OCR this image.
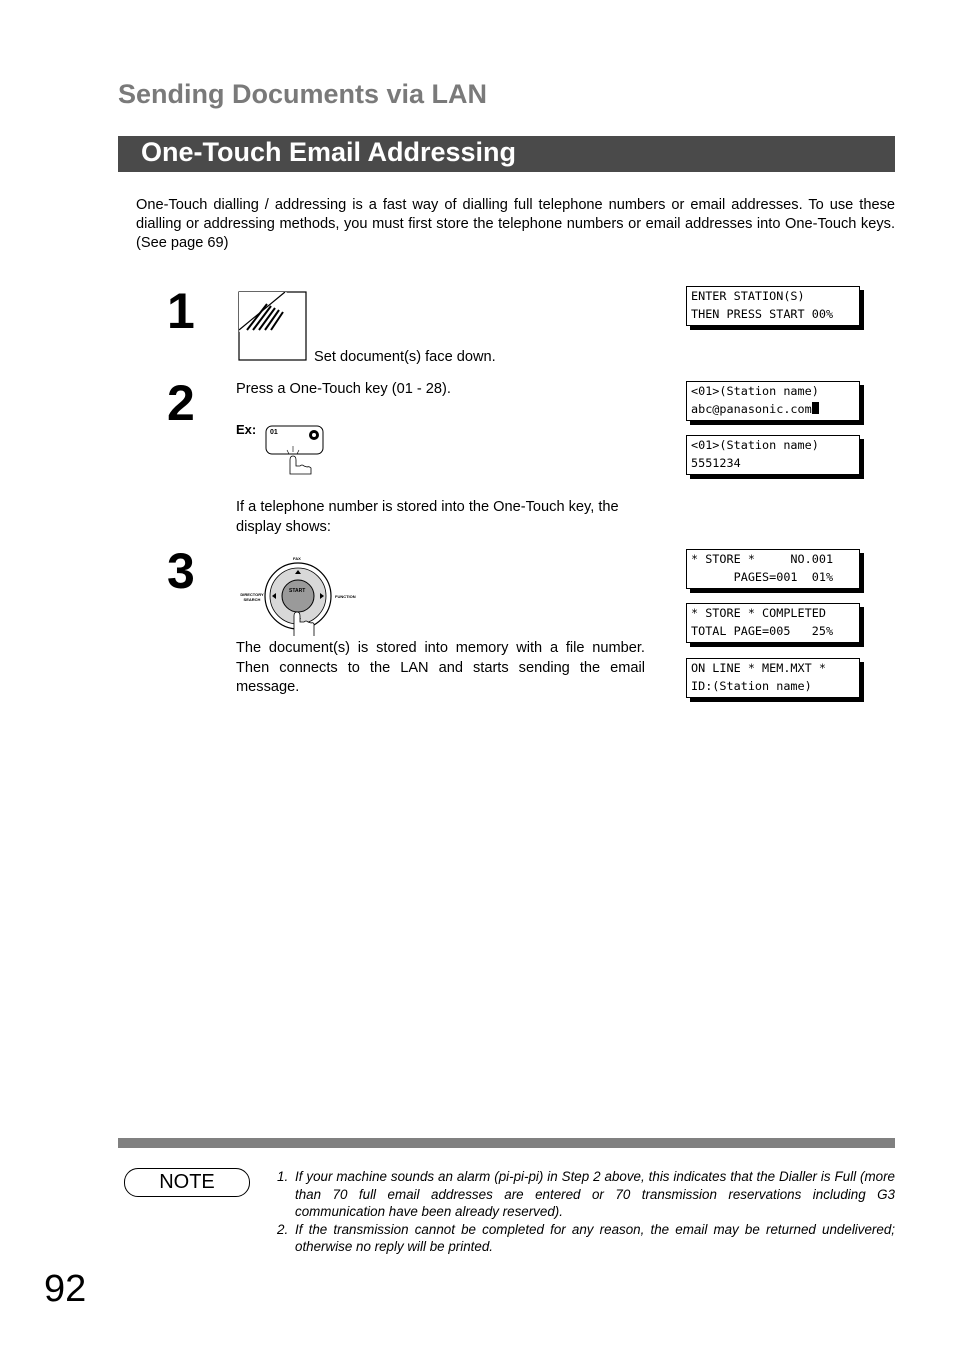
Sending Documents via LAN
One-Touch Email Addressing
One-Touch dialling / addressing is a fast way of dialling full telephone numbers or email addresses. To use these dialling or addressing methods, you must first store the telephone numbers or email addresses into One-Touch keys. (See page 69)
1
Set document(s) face down.
ENTER STATION(S)
THEN PRESS START 00%
2	Press a One-Touch key (01 - 28).
Ex: 01
<01>(Station name)
abc@panasonic.com
<01>(Station name)
5551234
If a telephone number is stored into the One-Touch key, the display shows:
3	START
DIRECTORY SEARCH
FUNCTION
FAX
The document(s) is stored into memory with a file number. Then connects to the LAN and starts sending the email message.
* STORE *     NO.001
PAGES=001  01%
* STORE * COMPLETED
TOTAL PAGE=005   25%
ON LINE * MEM.MXT *
ID:(Station name)
NOTE	1. If your machine sounds an alarm (pi-pi-pi) in Step 2 above, this indicates that the Dialler is Full (more than 70 full email addresses are entered or 70 transmission reservations including G3 communication have been already reserved).
2. If the transmission cannot be completed for any reason, the email may be returned undelivered; otherwise no reply will be printed.
92
